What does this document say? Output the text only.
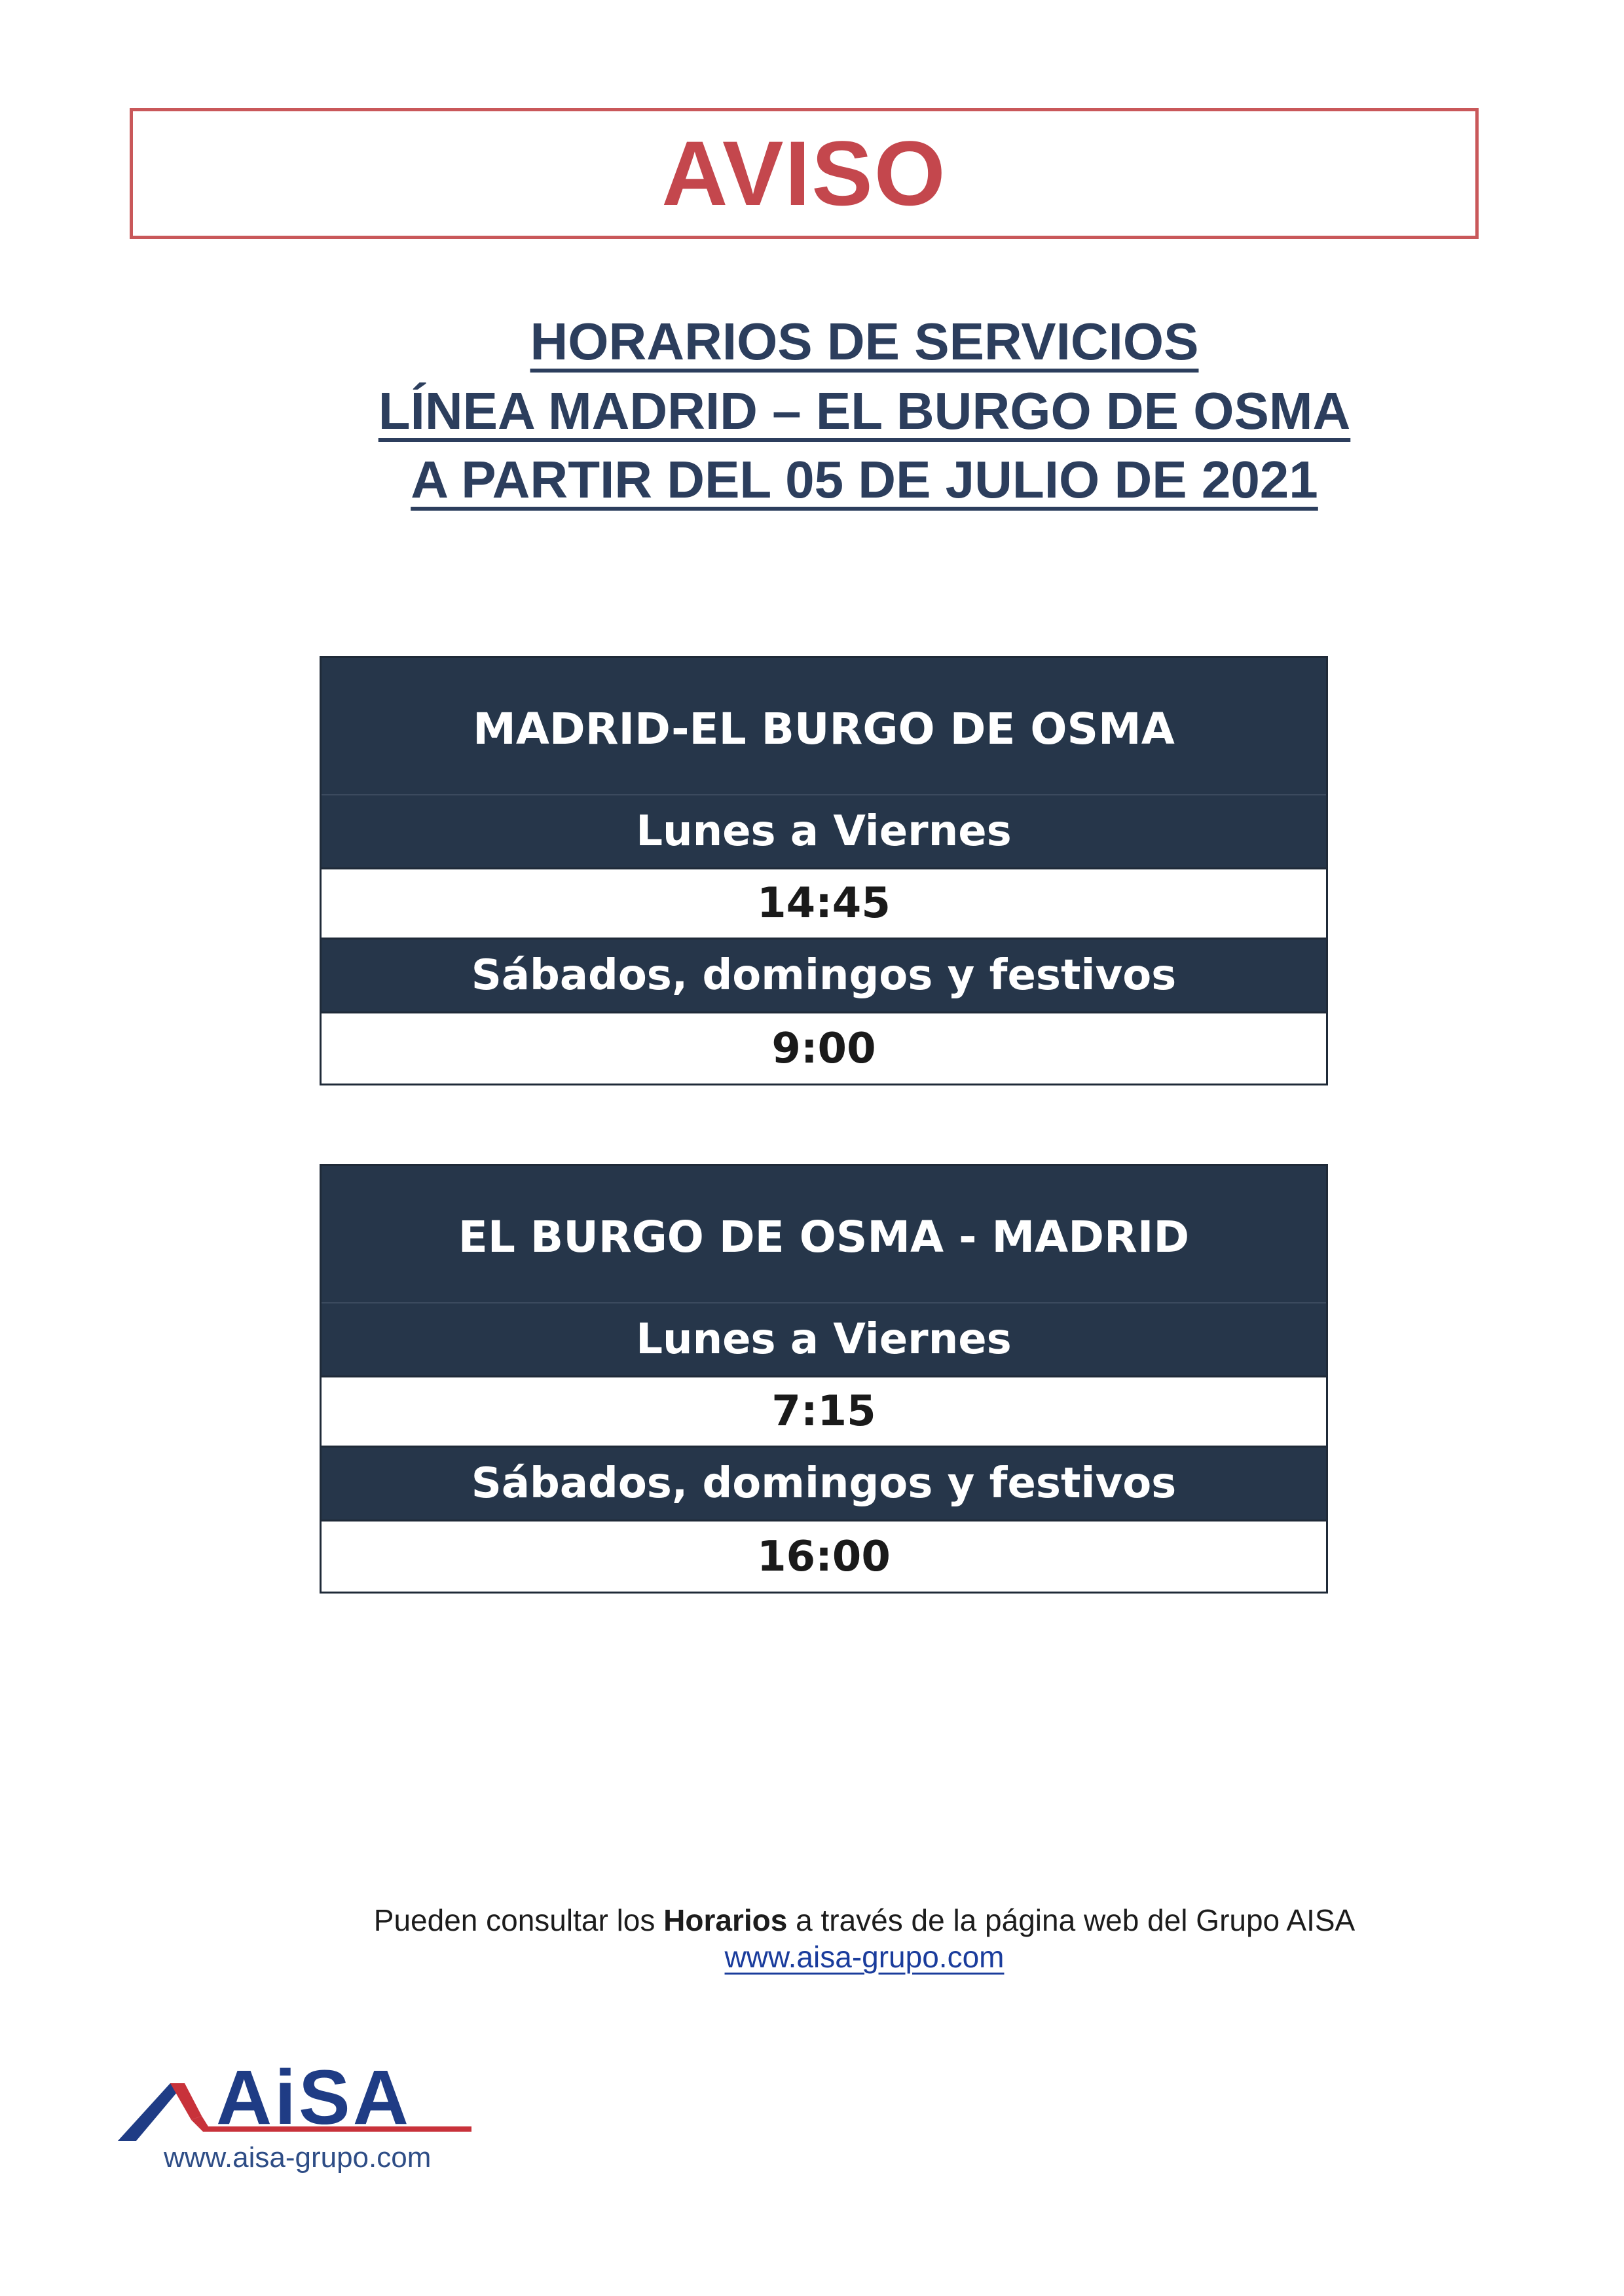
AVISO
HORARIOS DE SERVICIOS
LÍNEA MADRID – EL BURGO DE OSMA
A PARTIR DEL 05 DE JULIO DE 2021
MADRID-EL BURGO DE OSMA
Lunes a Viernes
14:45
Sábados, domingos y festivos
9:00
EL BURGO DE OSMA - MADRID
Lunes a Viernes
7:15
Sábados, domingos y festivos
16:00
Pueden consultar los Horarios a través de la página web del Grupo AISA
www.aisa-grupo.com
AiSA
www.aisa-grupo.com
